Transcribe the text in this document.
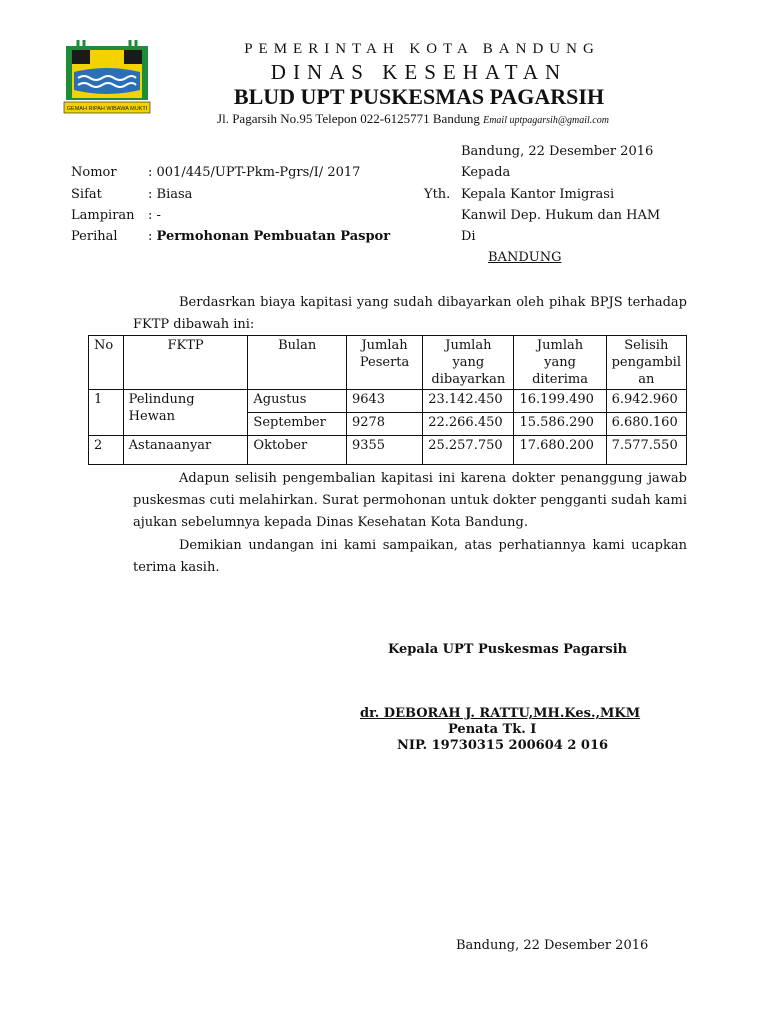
GEMAH RIPAH WIBAWA MUKTI
PEMERINTAH KOTA BANDUNG
DINAS KESEHATAN
BLUD UPT PUSKESMAS PAGARSIH
Jl. Pagarsih No.95 Telepon 022-6125771 Bandung Email uptpagarsih@gmail.com
Bandung, 22 Desember 2016
Nomor : 001/445/UPT-Pkm-Pgrs/I/ 2017
Sifat	: Biasa
Lampiran : -
Perihal : Permohonan Pembuatan Paspor
Kepada
Yth. Kepala Kantor Imigrasi
Kanwil Dep. Hukum dan HAM
Di
BANDUNG
Berdasrkan biaya kapitasi yang sudah dibayarkan oleh pihak BPJS terhadap FKTP dibawah ini:
No	FKTP	Bulan	Jumlah Peserta	Jumlah yang dibayarkan	Jumlah yang diterima	Selisih pengambil an
1	Pelindung Hewan	Agustus	9643	23.142.450	16.199.490	6.942.960
		September	9278	22.266.450	15.586.290	6.680.160
2	Astanaanyar	Oktober	9355	25.257.750	17.680.200	7.577.550
Adapun selisih pengembalian kapitasi ini karena dokter penanggung jawab puskesmas cuti melahirkan. Surat permohonan untuk dokter pengganti sudah kami ajukan sebelumnya kepada Dinas Kesehatan Kota Bandung.
Demikian undangan ini kami sampaikan, atas perhatiannya kami ucapkan terima kasih.
Kepala UPT Puskesmas Pagarsih
dr. DEBORAH J. RATTU,MH.Kes.,MKM
Penata Tk. I
NIP. 19730315 200604 2 016
Bandung, 22 Desember 2016
